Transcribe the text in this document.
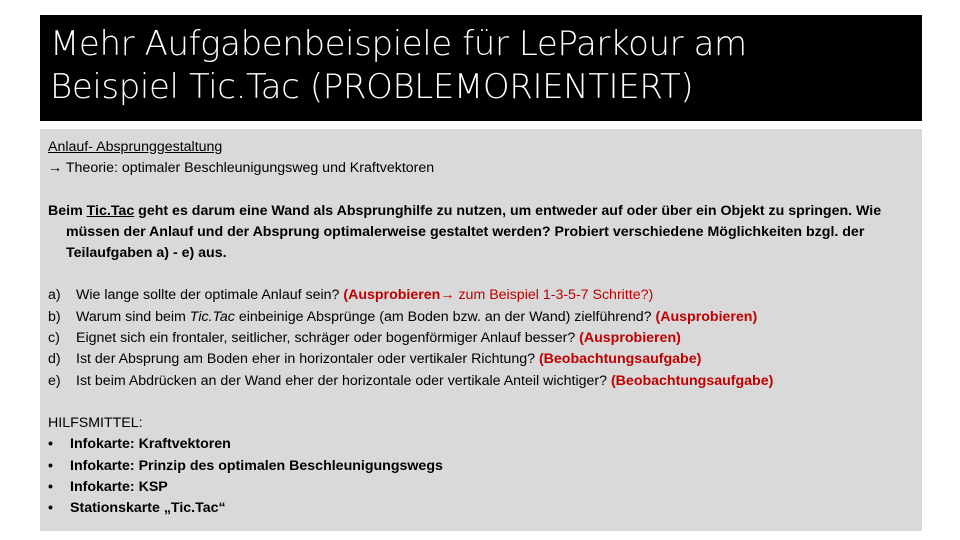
Mehr Aufgabenbeispiele für LeParkour am
Beispiel Tic.Tac (PROBLEMORIENTIERT)
Anlauf- Absprunggestaltung
→ Theorie: optimaler Beschleunigungsweg und Kraftvektoren

Beim Tic.Tac geht es darum eine Wand als Absprunghilfe zu nutzen, um entweder auf oder über ein Objekt zu springen. Wie müssen der Anlauf und der Absprung optimalerweise gestaltet werden? Probiert verschiedene Möglichkeiten bzgl. der Teilaufgaben a) - e) aus.

a)	Wie lange sollte der optimale Anlauf sein? (Ausprobieren→ zum Beispiel 1-3-5-7 Schritte?)
b)	Warum sind beim Tic.Tac einbeinige Absprünge (am Boden bzw. an der Wand) zielführend? (Ausprobieren)
c)	Eignet sich ein frontaler, seitlicher, schräger oder bogenförmiger Anlauf besser? (Ausprobieren)
d)	Ist der Absprung am Boden eher in horizontaler oder vertikaler Richtung? (Beobachtungsaufgabe)
e)	Ist beim Abdrücken an der Wand eher der horizontale oder vertikale Anteil wichtiger? (Beobachtungsaufgabe)
HILFSMITTEL:
•	Infokarte: Kraftvektoren
•	Infokarte: Prinzip des optimalen Beschleunigungswegs
•	Infokarte: KSP
•	Stationskarte „Tic.Tac“
